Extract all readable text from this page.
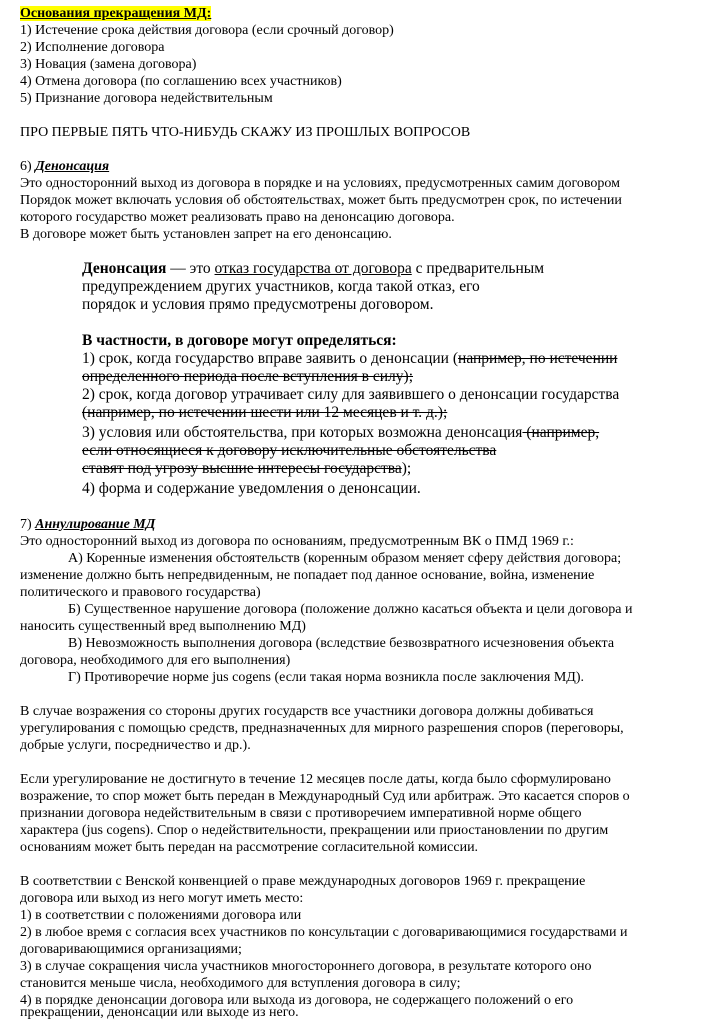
Основания прекращения МД:
1) Истечение срока действия договора (если срочный договор)
2) Исполнение договора
3) Новация (замена договора)
4) Отмена договора (по соглашению всех участников)
5) Признание договора недействительным
ПРО ПЕРВЫЕ ПЯТЬ ЧТО-НИБУДЬ СКАЖУ ИЗ ПРОШЛЫХ ВОПРОСОВ
6) Денонсация
Это односторонний выход из договора в порядке и на условиях, предусмотренных самим договором
Порядок может включать условия об обстоятельствах, может быть предусмотрен срок, по истечении
которого государство может реализовать право на денонсацию договора.
В договоре может быть установлен запрет на его денонсацию.
Денонсация — это отказ государства от договора с предварительным
предупреждением других участников, когда такой отказ, его
порядок и условия прямо предусмотрены договором.
В частности, в договоре могут определяться:
1) срок, когда государство вправе заявить о денонсации (например, по истечении
определенного периода после вступления в силу);
2) срок, когда договор утрачивает силу для заявившего о денонсации государства
(например, по истечении шести или 12 месяцев и т. д.);
3) условия или обстоятельства, при которых возможна денонсация (например,
если относящиеся к договору исключительные обстоятельства
ставят под угрозу высшие интересы государства);
4) форма и содержание уведомления о денонсации.
7) Аннулирование МД
Это односторонний выход из договора по основаниям, предусмотренным ВК о ПМД 1969 г.:
А) Коренные изменения обстоятельств (коренным образом меняет сферу действия договора;
изменение должно быть непредвиденным, не попадает под данное основание, война, изменение
политического и правового государства)
Б) Существенное нарушение договора (положение должно касаться объекта и цели договора и
наносить существенный вред выполнению МД)
В) Невозможность выполнения договора (вследствие безвозвратного исчезновения объекта
договора, необходимого для его выполнения)
Г) Противоречие норме jus cogens (если такая норма возникла после заключения МД).
В случае возражения со стороны других государств все участники договора должны добиваться
урегулирования с помощью средств, предназначенных для мирного разрешения споров (переговоры,
добрые услуги, посредничество и др.).
Если урегулирование не достигнуто в течение 12 месяцев после даты, когда было сформулировано
возражение, то спор может быть передан в Международный Суд или арбитраж. Это касается споров о
признании договора недействительным в связи с противоречием императивной норме общего
характера (jus cogens). Спор о недействительности, прекращении или приостановлении по другим
основаниям может быть передан на рассмотрение согласительной комиссии.
В соответствии с Венской конвенцией о праве международных договоров 1969 г. прекращение
договора или выход из него могут иметь место:
1) в соответствии с положениями договора или
2) в любое время с согласия всех участников по консультации с договаривающимися государствами и
договаривающимися организациями;
3) в случае сокращения числа участников многостороннего договора, в результате которого оно
становится меньше числа, необходимого для вступления договора в силу;
4) в порядке денонсации договора или выхода из договора, не содержащего положений о его
прекращении, денонсации или выходе из него.
